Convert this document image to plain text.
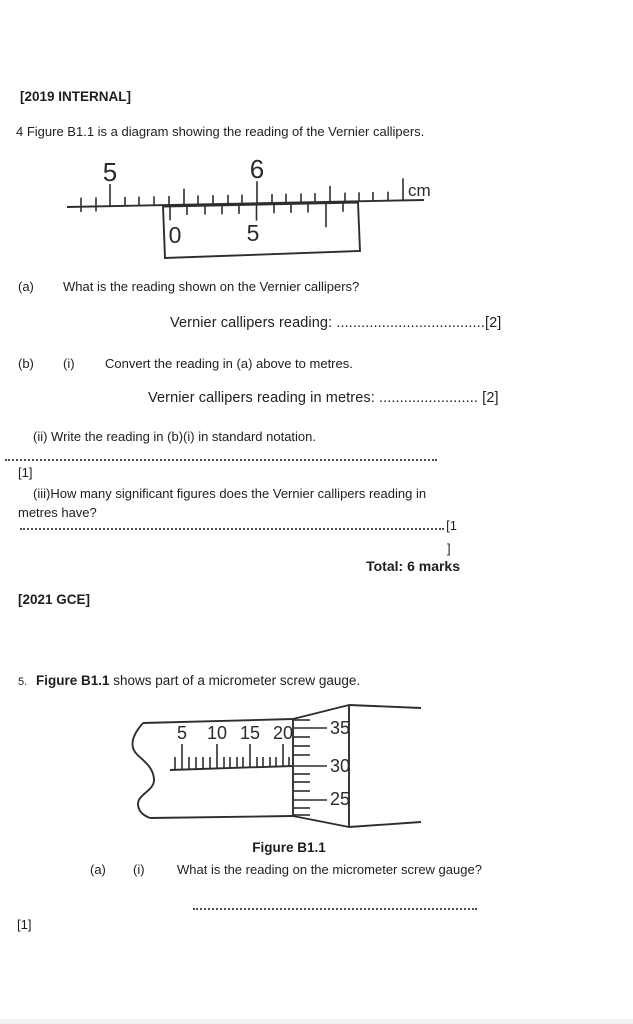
[2019 INTERNAL]
4 Figure B1.1 is a diagram showing the reading of the Vernier callipers.
5	6
cm
0	5
(a) What is the reading shown on the Vernier callipers?
Vernier callipers reading: ....................................[2]
(b) (i) Convert the reading in (a) above to metres.
Vernier callipers reading in metres: ........................ [2]
(ii) Write the reading in (b)(i) in standard notation.
[1]
(iii)How many significant figures does the Vernier callipers reading in
metres have?
[1
]
Total: 6 marks
[2021 GCE]
5. Figure B1.1 shows part of a micrometer screw gauge.
5 10 15 20 35
30
25
Figure B1.1
(a) (i) What is the reading on the micrometer screw gauge?
[1]
